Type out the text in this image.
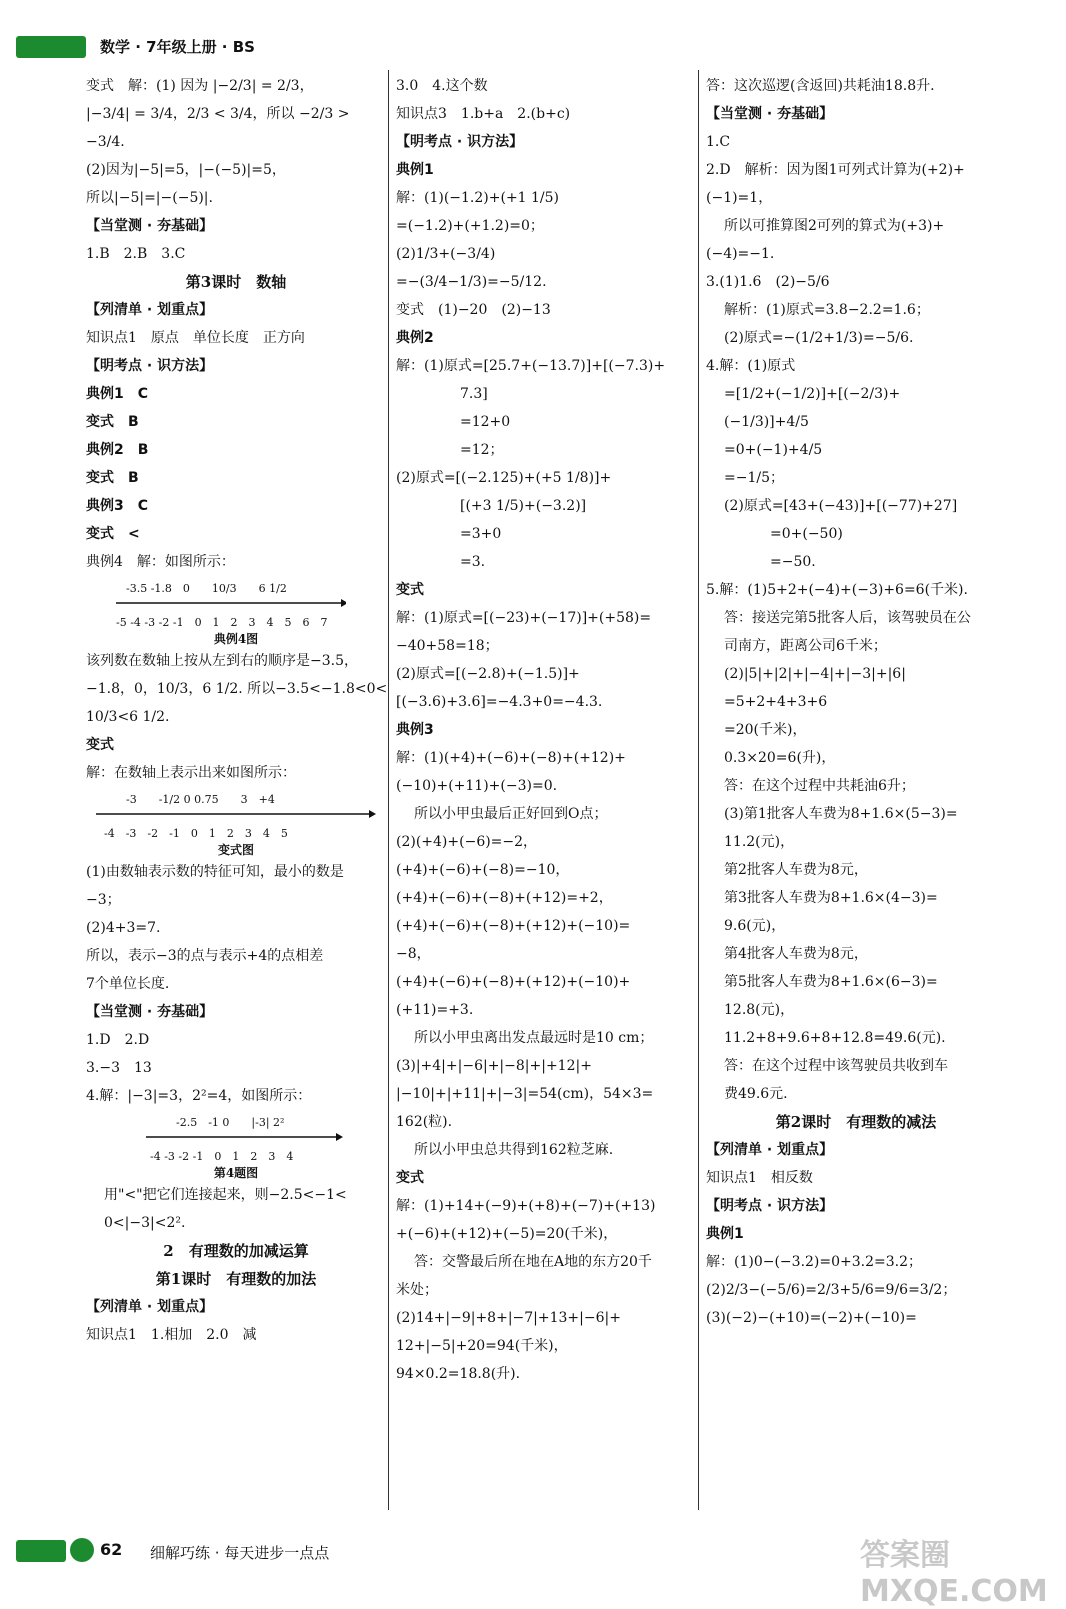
数学 · 7年级上册 · BS
变式　解：(1) 因为 |−2/3| = 2/3，
|−3/4| = 3/4，2/3 < 3/4，所以 −2/3 >
−3/4.
(2)因为|−5|=5，|−(−5)|=5，
所以|−5|=|−(−5)|.
【当堂测 · 夯基础】
1.B　2.B　3.C
第3课时　数轴
【列清单 · 划重点】
知识点1　原点　单位长度　正方向
【明考点 · 识方法】
典例1　C
变式　B
典例2　B
变式　B
典例3　C
变式　<
典例4　解：如图所示：
-3.5 -1.8　0　　10/3　　6 1/2
-5 -4 -3 -2 -1　0　1　2　3　4　5　6　7
典例4图
该列数在数轴上按从左到右的顺序是−3.5，
−1.8，0，10/3，6 1/2. 所以−3.5<−1.8<0<
10/3<6 1/2.
变式
解：在数轴上表示出来如图所示：
-3　　-1/2 0 0.75　　3　+4
-4　-3　-2　-1　0　1　2　3　4　5
变式图
(1)由数轴表示数的特征可知，最小的数是
−3；
(2)4+3=7.
所以，表示−3的点与表示+4的点相差
7个单位长度.
【当堂测 · 夯基础】
1.D　2.D
3.−3　13
4.解：|−3|=3，2²=4，如图所示：
-2.5　-1 0　　|-3| 2²
-4 -3 -2 -1　0　1　2　3　4
第4题图
用"<"把它们连接起来，则−2.5<−1<
0<|−3|<2².
2　有理数的加减运算
第1课时　有理数的加法
【列清单 · 划重点】
知识点1　1.相加　2.0　减
3.0　4.这个数
知识点3　1.b+a　2.(b+c)
【明考点 · 识方法】
典例1
解：(1)(−1.2)+(+1 1/5)
=(−1.2)+(+1.2)=0；
(2)1/3+(−3/4)
=−(3/4−1/3)=−5/12.
变式　(1)−20　(2)−13
典例2
解：(1)原式=[25.7+(−13.7)]+[(−7.3)+
7.3]
=12+0
=12；
(2)原式=[(−2.125)+(+5 1/8)]+
[(+3 1/5)+(−3.2)]
=3+0
=3.
变式
解：(1)原式=[(−23)+(−17)]+(+58)=
−40+58=18；
(2)原式=[(−2.8)+(−1.5)]+
[(−3.6)+3.6]=−4.3+0=−4.3.
典例3
解：(1)(+4)+(−6)+(−8)+(+12)+
(−10)+(+11)+(−3)=0.
所以小甲虫最后正好回到O点；
(2)(+4)+(−6)=−2，
(+4)+(−6)+(−8)=−10，
(+4)+(−6)+(−8)+(+12)=+2，
(+4)+(−6)+(−8)+(+12)+(−10)=
−8，
(+4)+(−6)+(−8)+(+12)+(−10)+
(+11)=+3.
所以小甲虫离出发点最远时是10 cm；
(3)|+4|+|−6|+|−8|+|+12|+
|−10|+|+11|+|−3|=54(cm)，54×3=
162(粒).
所以小甲虫总共得到162粒芝麻.
变式
解：(1)+14+(−9)+(+8)+(−7)+(+13)
+(−6)+(+12)+(−5)=20(千米)，
答：交警最后所在地在A地的东方20千
米处；
(2)14+|−9|+8+|−7|+13+|−6|+
12+|−5|+20=94(千米)，
94×0.2=18.8(升).
答：这次巡逻(含返回)共耗油18.8升.
【当堂测 · 夯基础】
1.C
2.D　解析：因为图1可列式计算为(+2)+
(−1)=1，
所以可推算图2可列的算式为(+3)+
(−4)=−1.
3.(1)1.6　(2)−5/6
解析：(1)原式=3.8−2.2=1.6；
(2)原式=−(1/2+1/3)=−5/6.
4.解：(1)原式
=[1/2+(−1/2)]+[(−2/3)+
(−1/3)]+4/5
=0+(−1)+4/5
=−1/5；
(2)原式=[43+(−43)]+[(−77)+27]
=0+(−50)
=−50.
5.解：(1)5+2+(−4)+(−3)+6=6(千米).
答：接送完第5批客人后，该驾驶员在公
司南方，距离公司6千米；
(2)|5|+|2|+|−4|+|−3|+|6|
=5+2+4+3+6
=20(千米)，
0.3×20=6(升)，
答：在这个过程中共耗油6升；
(3)第1批客人车费为8+1.6×(5−3)=
11.2(元)，
第2批客人车费为8元，
第3批客人车费为8+1.6×(4−3)=
9.6(元)，
第4批客人车费为8元，
第5批客人车费为8+1.6×(6−3)=
12.8(元)，
11.2+8+9.6+8+12.8=49.6(元).
答：在这个过程中该驾驶员共收到车
费49.6元.
第2课时　有理数的减法
【列清单 · 划重点】
知识点1　相反数
【明考点 · 识方法】
典例1
解：(1)0−(−3.2)=0+3.2=3.2；
(2)2/3−(−5/6)=2/3+5/6=9/6=3/2；
(3)(−2)−(+10)=(−2)+(−10)=
62 细解巧练 · 每天进步一点点	答案圈 MXQE.COM
